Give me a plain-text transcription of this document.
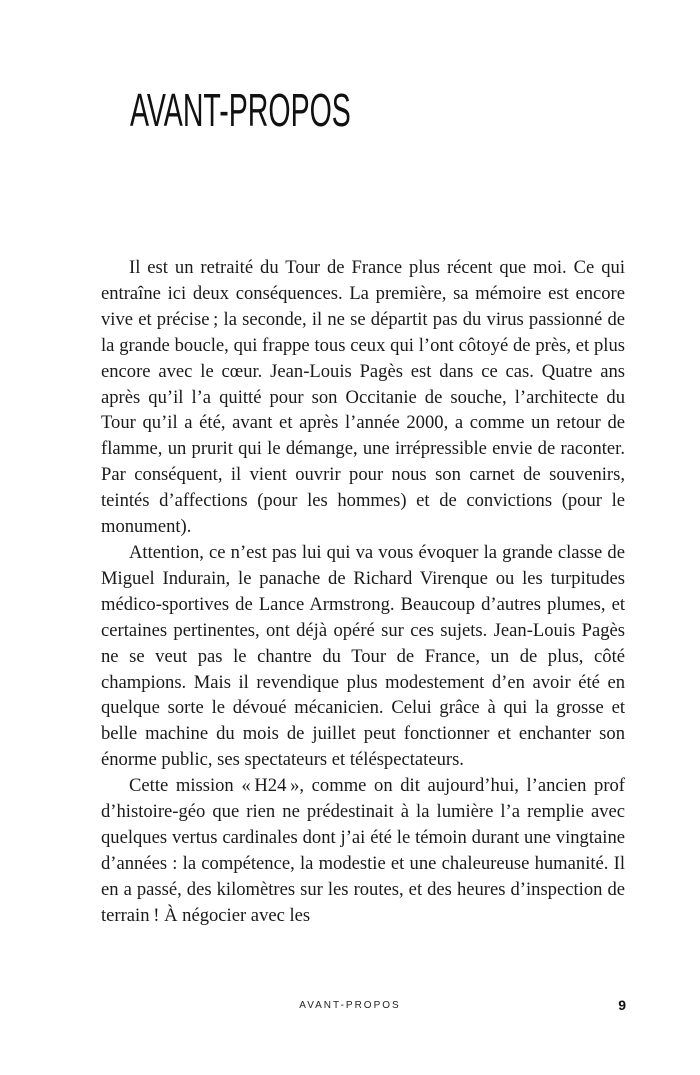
AVANT-PROPOS

Il est un retraité du Tour de France plus récent que moi. Ce qui entraîne ici deux conséquences. La première, sa mémoire est encore vive et précise ; la seconde, il ne se départit pas du virus passionné de la grande boucle, qui frappe tous ceux qui l’ont côtoyé de près, et plus encore avec le cœur. Jean-Louis Pagès est dans ce cas. Quatre ans après qu’il l’a quitté pour son Occitanie de souche, l’architecte du Tour qu’il a été, avant et après l’année 2000, a comme un retour de flamme, un prurit qui le démange, une irrépressible envie de raconter. Par conséquent, il vient ouvrir pour nous son carnet de souvenirs, teintés d’affections (pour les hommes) et de convictions (pour le monument).

Attention, ce n’est pas lui qui va vous évoquer la grande classe de Miguel Indurain, le panache de Richard Virenque ou les turpitudes médico-sportives de Lance Armstrong. Beaucoup d’autres plumes, et certaines pertinentes, ont déjà opéré sur ces sujets. Jean-Louis Pagès ne se veut pas le chantre du Tour de France, un de plus, côté champions. Mais il revendique plus modestement d’en avoir été en quelque sorte le dévoué mécanicien. Celui grâce à qui la grosse et belle machine du mois de juillet peut fonctionner et enchanter son énorme public, ses spectateurs et téléspectateurs.

Cette mission « H24 », comme on dit aujourd’hui, l’ancien prof d’histoire-géo que rien ne prédestinait à la lumière l’a remplie avec quelques vertus cardinales dont j’ai été le témoin durant une vingtaine d’années : la compétence, la modestie et une chaleureuse humanité. Il en a passé, des kilomètres sur les routes, et des heures d’inspection de terrain ! À négocier avec les

AVANT-PROPOS	9
